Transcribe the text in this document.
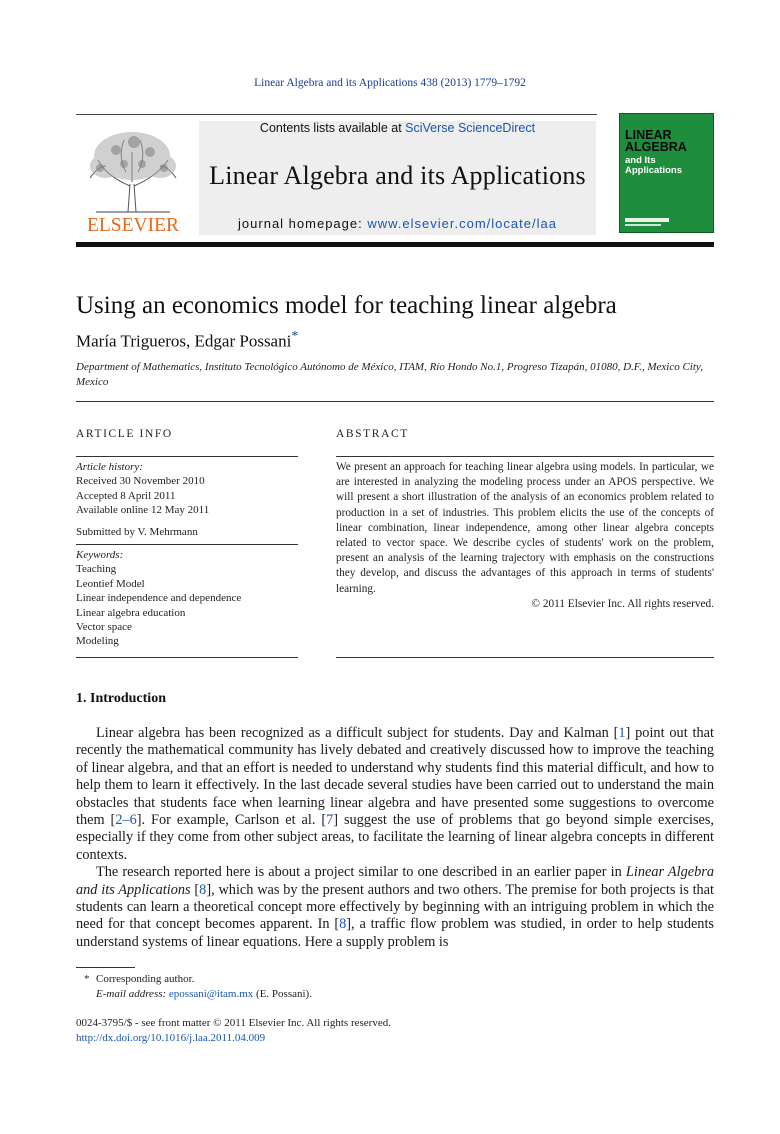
Linear Algebra and its Applications 438 (2013) 1779–1792
ELSEVIER
Contents lists available at SciVerse ScienceDirect
Linear Algebra and its Applications
journal homepage: www.elsevier.com/locate/laa
LINEAR
ALGEBRA
and Its
Applications
Using an economics model for teaching linear algebra
María Trigueros, Edgar Possani*
Department of Mathematics, Instituto Tecnológico Autónomo de México, ITAM, Río Hondo No.1, Progreso Tizapán, 01080, D.F., Mexico City, Mexico
ARTICLE INFO	ABSTRACT
Article history:
Received 30 November 2010
Accepted 8 April 2011
Available online 12 May 2011
Submitted by V. Mehrmann
Keywords:
Teaching
Leontief Model
Linear independence and dependence
Linear algebra education
Vector space
Modeling
We present an approach for teaching linear algebra using models. In particular, we are interested in analyzing the modeling process under an APOS perspective. We will present a short illustration of the analysis of an economics problem related to production in a set of industries. This problem elicits the use of the concepts of linear combination, linear independence, among other linear algebra concepts related to vector space. We describe cycles of students' work on the problem, present an analysis of the learning trajectory with emphasis on the constructions they develop, and discuss the advantages of this approach in terms of students' learning.
© 2011 Elsevier Inc. All rights reserved.
1. Introduction

Linear algebra has been recognized as a difficult subject for students. Day and Kalman [1] point out that recently the mathematical community has lively debated and creatively discussed how to improve the teaching of linear algebra, and that an effort is needed to understand why students find this material difficult, and how to help them to learn it effectively. In the last decade several studies have been carried out to understand the main obstacles that students face when learning linear algebra and have presented some suggestions to overcome them [2–6]. For example, Carlson et al. [7] suggest the use of problems that go beyond simple exercises, especially if they come from other subject areas, to facilitate the learning of linear algebra concepts in different contexts.

The research reported here is about a project similar to one described in an earlier paper in Linear Algebra and its Applications [8], which was by the present authors and two others. The premise for both projects is that students can learn a theoretical concept more effectively by beginning with an intriguing problem in which the need for that concept becomes apparent. In [8], a traffic flow problem was studied, in order to help students understand systems of linear equations. Here a supply problem is

* Corresponding author.
E-mail address: epossani@itam.mx (E. Possani).
0024-3795/$ - see front matter © 2011 Elsevier Inc. All rights reserved.
http://dx.doi.org/10.1016/j.laa.2011.04.009
